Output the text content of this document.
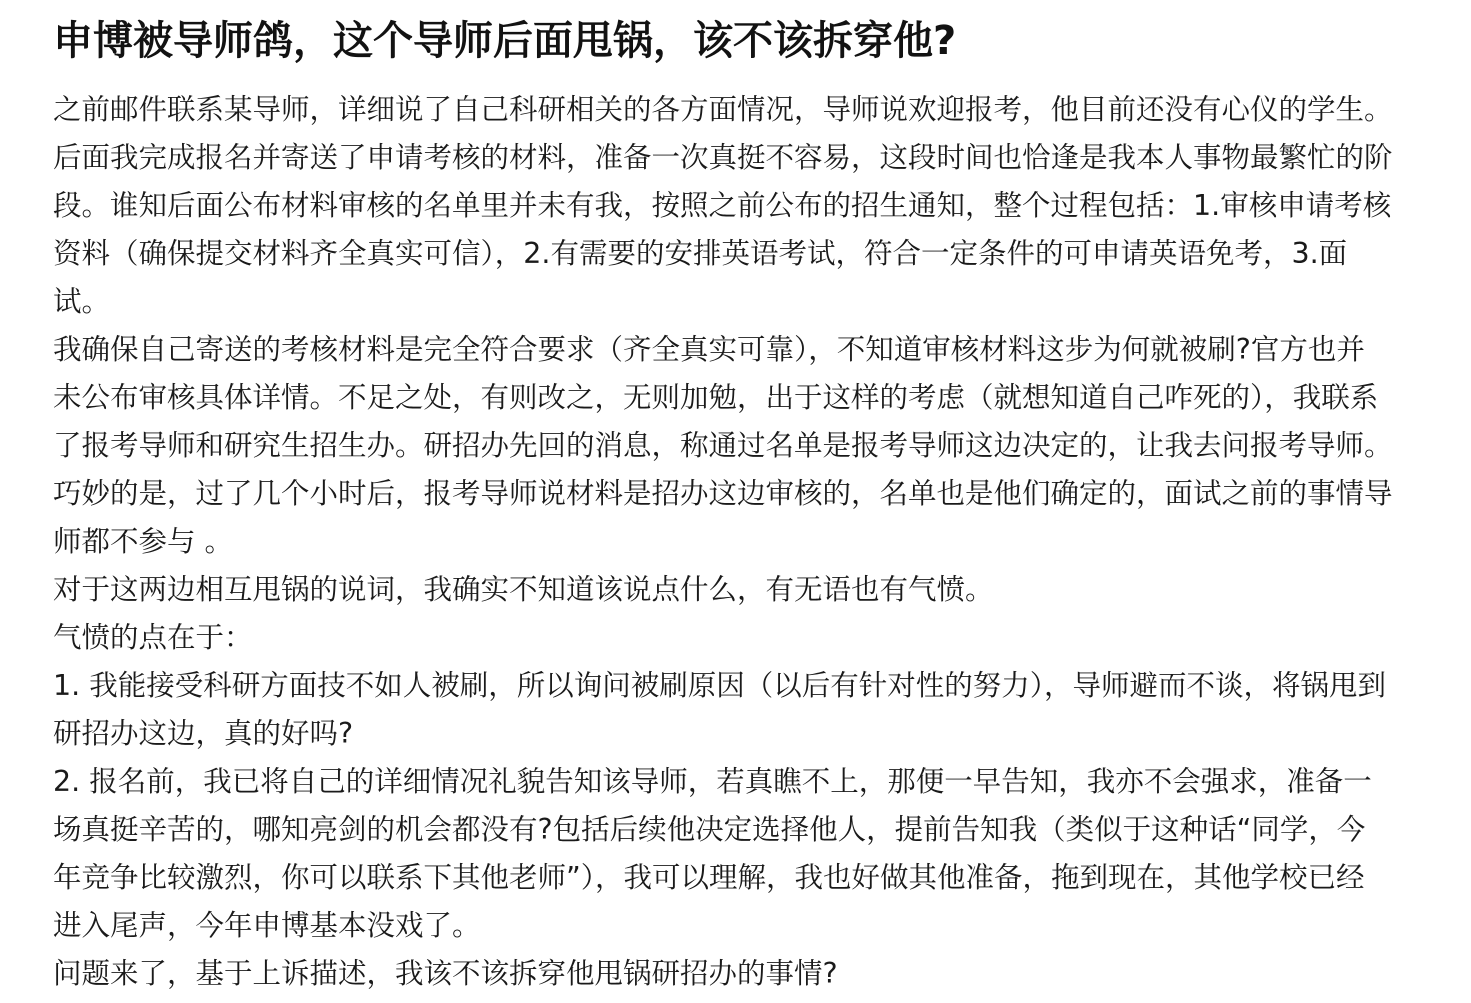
申博被导师鸽，这个导师后面甩锅，该不该拆穿他?

之前邮件联系某导师，详细说了自己科研相关的各方面情况，导师说欢迎报考，他目前还没有心仪的学生。后面我完成报名并寄送了申请考核的材料，准备一次真挺不容易，这段时间也恰逢是我本人事物最繁忙的阶段。谁知后面公布材料审核的名单里并未有我，按照之前公布的招生通知，整个过程包括：1.审核申请考核资料（确保提交材料齐全真实可信），2.有需要的安排英语考试，符合一定条件的可申请英语免考，3.面试。

我确保自己寄送的考核材料是完全符合要求（齐全真实可靠），不知道审核材料这步为何就被刷?官方也并未公布审核具体详情。不足之处，有则改之，无则加勉，出于这样的考虑（就想知道自己咋死的），我联系了报考导师和研究生招生办。研招办先回的消息，称通过名单是报考导师这边决定的，让我去问报考导师。 巧妙的是，过了几个小时后，报考导师说材料是招办这边审核的，名单也是他们确定的，面试之前的事情导师都不参与 。

对于这两边相互甩锅的说词，我确实不知道该说点什么，有无语也有气愤。

气愤的点在于：

1. 我能接受科研方面技不如人被刷，所以询问被刷原因（以后有针对性的努力），导师避而不谈，将锅甩到研招办这边，真的好吗?

2. 报名前，我已将自己的详细情况礼貌告知该导师，若真瞧不上，那便一早告知，我亦不会强求，准备一场真挺辛苦的，哪知亮剑的机会都没有?包括后续他决定选择他人，提前告知我（类似于这种话“同学，今年竞争比较激烈，你可以联系下其他老师”），我可以理解，我也好做其他准备，拖到现在，其他学校已经进入尾声，今年申博基本没戏了。

问题来了，基于上诉描述，我该不该拆穿他甩锅研招办的事情?
